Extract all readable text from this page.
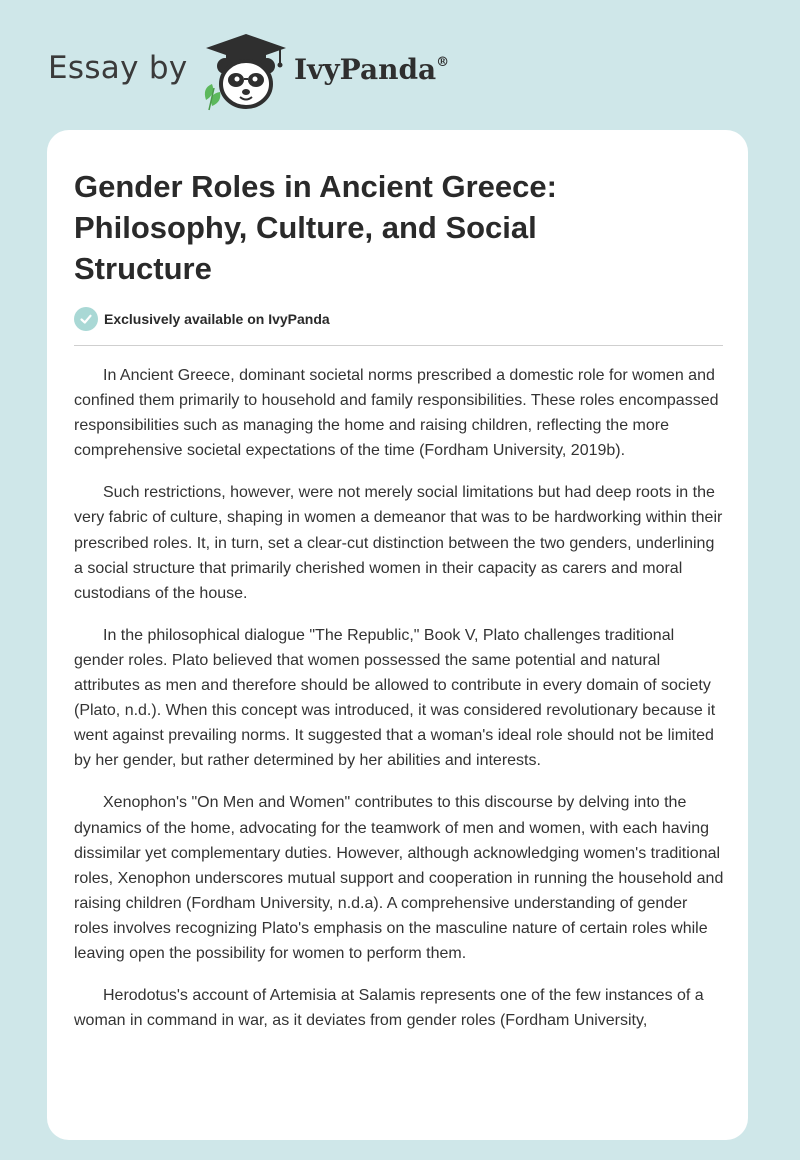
Essay by	IvyPanda®
Gender Roles in Ancient Greece: Philosophy, Culture, and Social Structure
Exclusively available on IvyPanda

In Ancient Greece, dominant societal norms prescribed a domestic role for women and confined them primarily to household and family responsibilities. These roles encompassed responsibilities such as managing the home and raising children, reflecting the more comprehensive societal expectations of the time (Fordham University, 2019b).

Such restrictions, however, were not merely social limitations but had deep roots in the very fabric of culture, shaping in women a demeanor that was to be hardworking within their prescribed roles. It, in turn, set a clear-cut distinction between the two genders, underlining a social structure that primarily cherished women in their capacity as carers and moral custodians of the house.

In the philosophical dialogue "The Republic," Book V, Plato challenges traditional gender roles. Plato believed that women possessed the same potential and natural attributes as men and therefore should be allowed to contribute in every domain of society (Plato, n.d.). When this concept was introduced, it was considered revolutionary because it went against prevailing norms. It suggested that a woman's ideal role should not be limited by her gender, but rather determined by her abilities and interests.

Xenophon's "On Men and Women" contributes to this discourse by delving into the dynamics of the home, advocating for the teamwork of men and women, with each having dissimilar yet complementary duties. However, although acknowledging women's traditional roles, Xenophon underscores mutual support and cooperation in running the household and raising children (Fordham University, n.d.a). A comprehensive understanding of gender roles involves recognizing Plato's emphasis on the masculine nature of certain roles while leaving open the possibility for women to perform them.

Herodotus's account of Artemisia at Salamis represents one of the few instances of a woman in command in war, as it deviates from gender roles (Fordham University,
